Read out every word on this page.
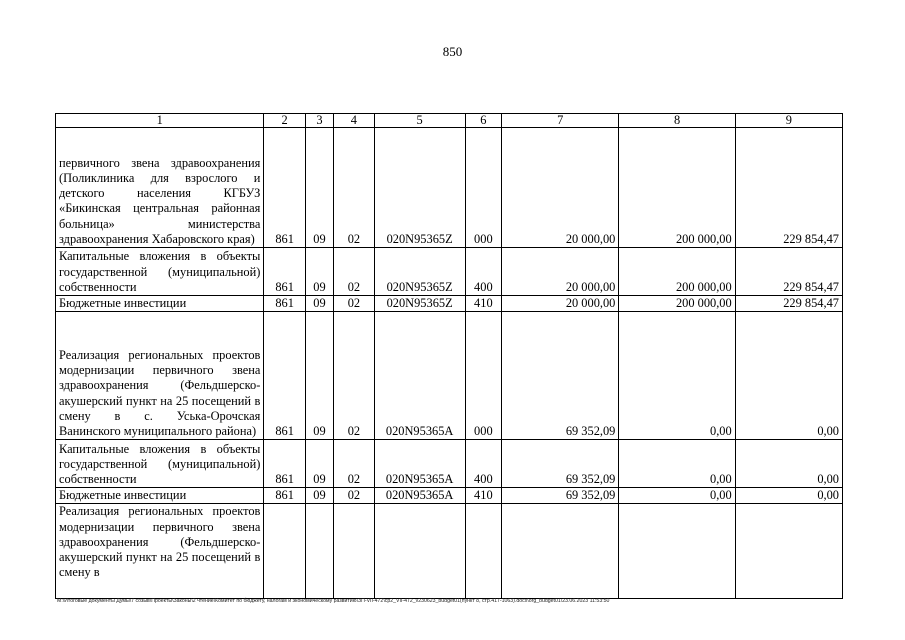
850
1	2	3	4	5	6	7	8	9
первичного звена здравоохранения (Поликлиника для взрослого и детского населения КГБУЗ «Бикинская центральная районная больница» министерства здравоохранения Хабаровского края)	861	09	02	020N95365Z	000	20 000,00	200 000,00	229 854,47
Капитальные вложения в объекты государственной (муниципальной) собственности	861	09	02	020N95365Z	400	20 000,00	200 000,00	229 854,47
Бюджетные инвестиции	861	09	02	020N95365Z	410	20 000,00	200 000,00	229 854,47
Реализация региональных проектов модернизации первичного звена здравоохранения (Фельдшерско-акушерский пункт на 25 посещений в смену в с. Уська-Орочская Ванинского муниципального района)	861	09	02	020N95365A	000	69 352,09	0,00	0,00
Капитальные вложения в объекты государственной (муниципальной) собственности	861	09	02	020N95365A	400	69 352,09	0,00	0,00
Бюджетные инвестиции	861	09	02	020N95365A	410	69 352,09	0,00	0,00
Реализация региональных проектов модернизации первичного звена здравоохранения (Фельдшерско-акушерский пункт на 25 посещений в смену в								
M:\Итоговые документы Думы\7 созыв\Проекты\Законы\2 чтение\Комитет по бюджету, налогам и экономическому развитию\ЗП-VII-472\ср2_VII-472_v230623_budget01(пункт 8, стр.417-1063).docx\org_budget01\23.06.2023 11:53:50
